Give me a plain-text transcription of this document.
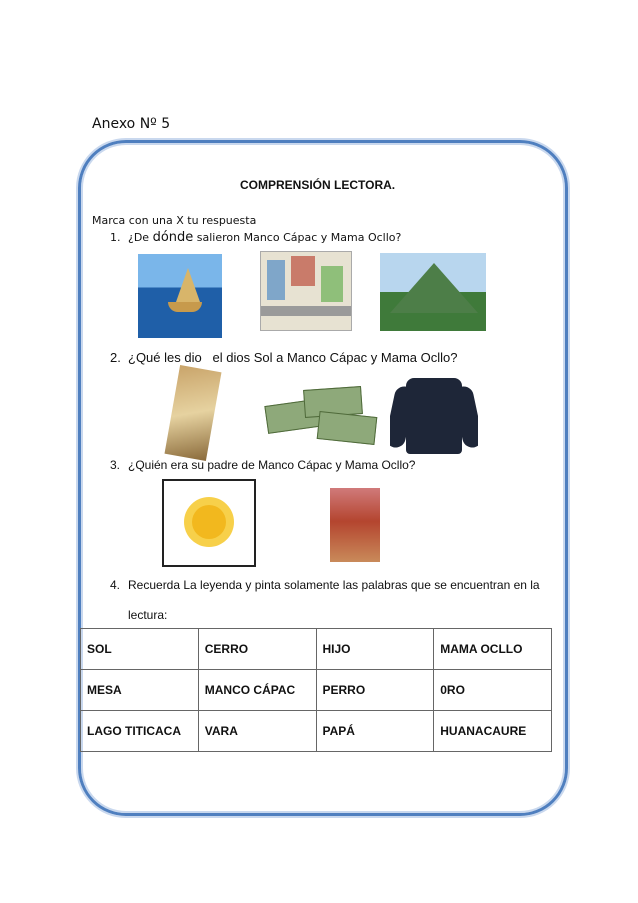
Anexo Nº 5
COMPRENSIÓN LECTORA.
Marca con una X tu respuesta
1. ¿De dónde salieron Manco Cápac y Mama Ocllo?
2. ¿Qué les dio   el dios Sol a Manco Cápac y Mama Ocllo?
3. ¿Quién era su padre de Manco Cápac y Mama Ocllo?
4. Recuerda La leyenda y pinta solamente las palabras que se encuentran en la
lectura:
SOL	CERRO	HIJO	MAMA OCLLO
MESA	MANCO CÁPAC	PERRO	0RO
LAGO TITICACA	VARA	PAPÁ	HUANACAURE
